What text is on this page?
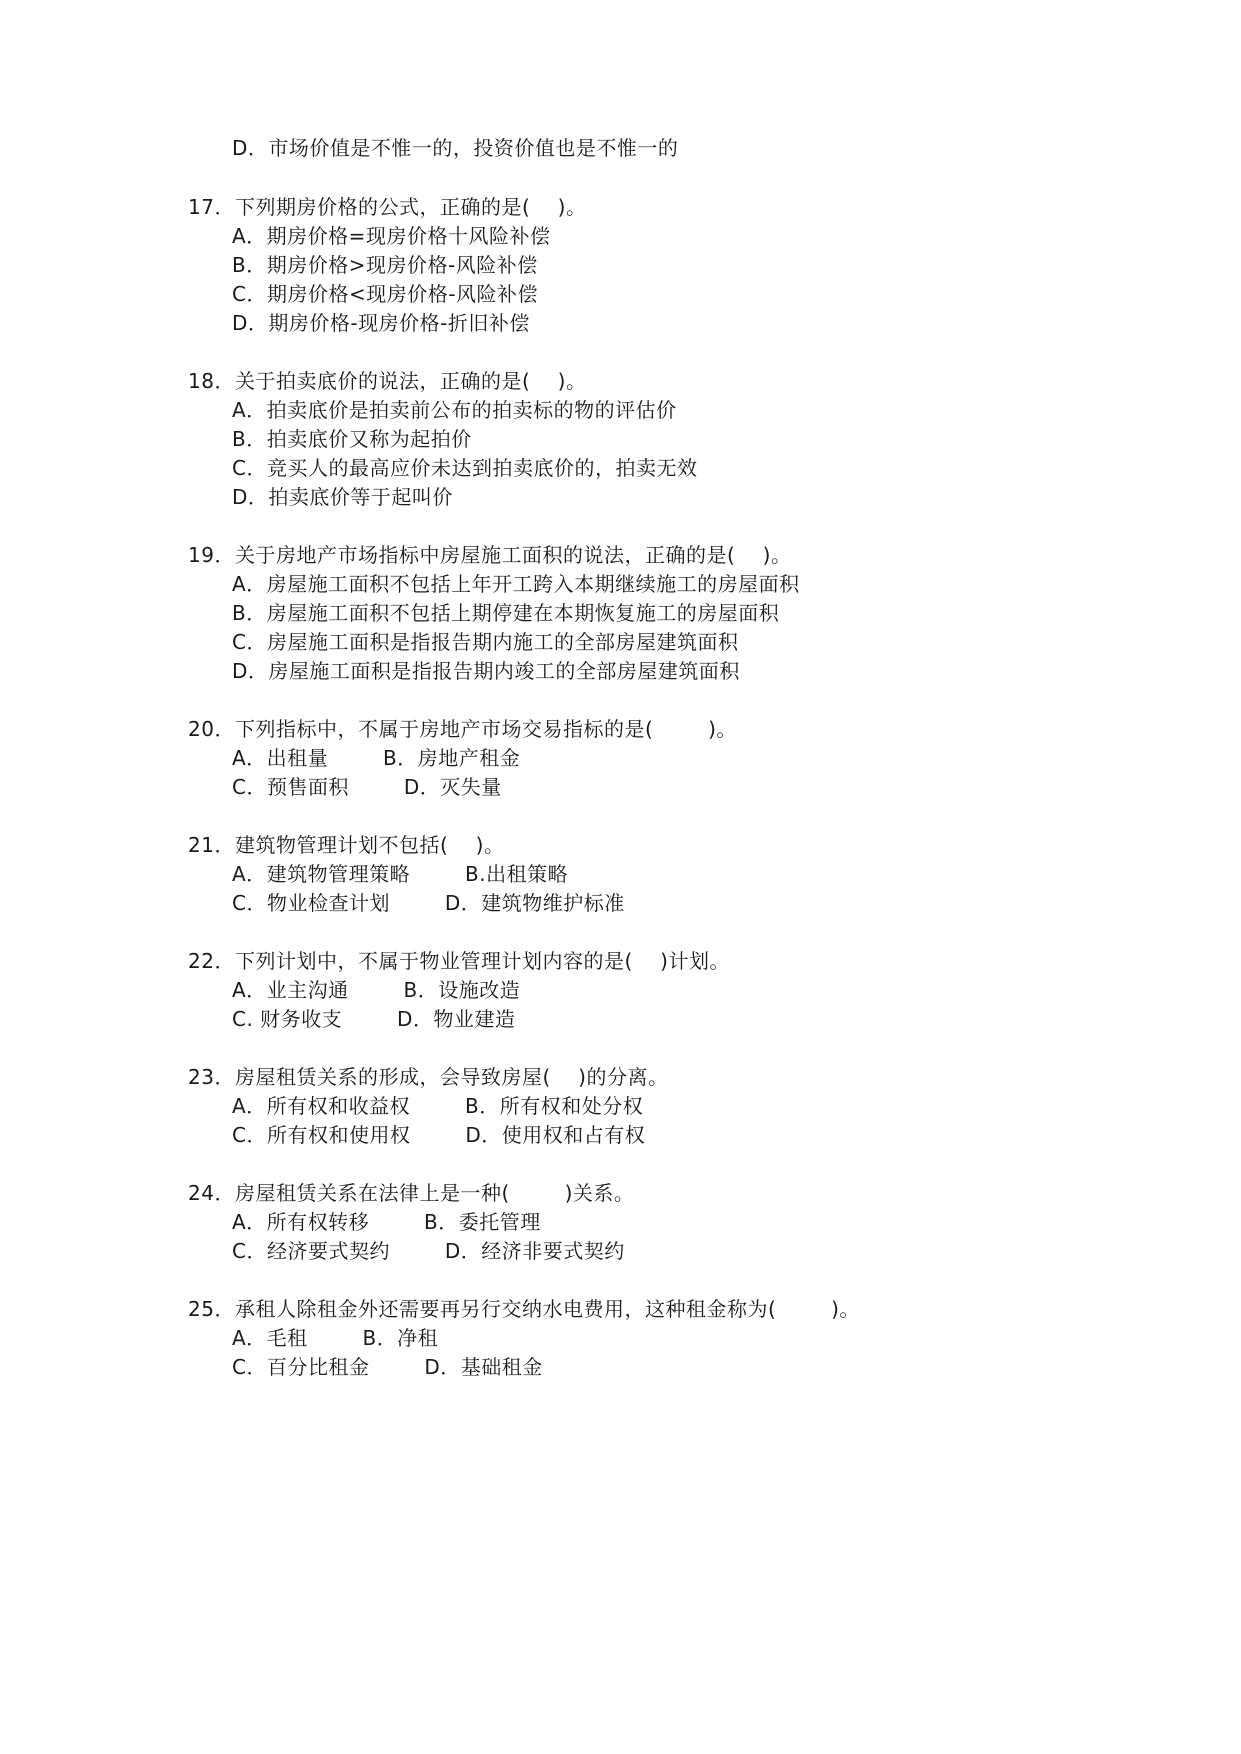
D．市场价值是不惟一的，投资价值也是不惟一的
17．下列期房价格的公式，正确的是(    )。
A．期房价格=现房价格十风险补偿
B．期房价格>现房价格-风险补偿
C．期房价格<现房价格-风险补偿
D．期房价格-现房价格-折旧补偿
18．关于拍卖底价的说法，正确的是(    )。
A．拍卖底价是拍卖前公布的拍卖标的物的评估价
B．拍卖底价又称为起拍价
C．竞买人的最高应价未达到拍卖底价的，拍卖无效
D．拍卖底价等于起叫价
19．关于房地产市场指标中房屋施工面积的说法，正确的是(    )。
A．房屋施工面积不包括上年开工跨入本期继续施工的房屋面积
B．房屋施工面积不包括上期停建在本期恢复施工的房屋面积
C．房屋施工面积是指报告期内施工的全部房屋建筑面积
D．房屋施工面积是指报告期内竣工的全部房屋建筑面积
20．下列指标中，不属于房地产市场交易指标的是(        )。
A．出租量        B．房地产租金
C．预售面积        D．灭失量
21．建筑物管理计划不包括(    )。
A．建筑物管理策略        B.出租策略
C．物业检查计划        D．建筑物维护标准
22．下列计划中，不属于物业管理计划内容的是(    )计划。
A．业主沟通        B．设施改造
C. 财务收支        D．物业建造
23．房屋租赁关系的形成，会导致房屋(    )的分离。
A．所有权和收益权        B．所有权和处分权
C．所有权和使用权        D．使用权和占有权
24．房屋租赁关系在法律上是一种(        )关系。
A．所有权转移        B．委托管理
C．经济要式契约        D．经济非要式契约
25．承租人除租金外还需要再另行交纳水电费用，这种租金称为(        )。
A．毛租        B．净租
C．百分比租金        D．基础租金
